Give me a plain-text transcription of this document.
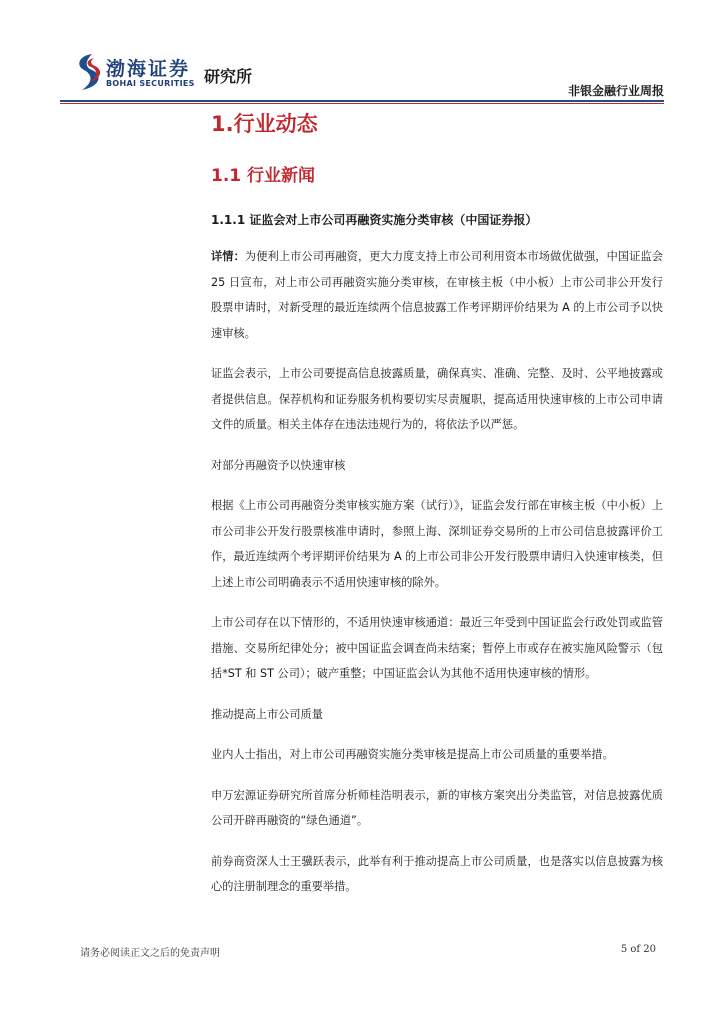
渤海证券
BOHAI SECURITIES 研究所
非银金融行业周报
1.行业动态
1.1 行业新闻
1.1.1 证监会对上市公司再融资实施分类审核（中国证券报）
详情：为便利上市公司再融资，更大力度支持上市公司利用资本市场做优做强，中国证监会 25 日宣布，对上市公司再融资实施分类审核，在审核主板（中小板）上市公司非公开发行股票申请时，对新受理的最近连续两个信息披露工作考评期评价结果为 A 的上市公司予以快速审核。
证监会表示，上市公司要提高信息披露质量，确保真实、准确、完整、及时、公平地披露或者提供信息。保荐机构和证券服务机构要切实尽责履职，提高适用快速审核的上市公司申请文件的质量。相关主体存在违法违规行为的，将依法予以严惩。
对部分再融资予以快速审核
根据《上市公司再融资分类审核实施方案（试行）》，证监会发行部在审核主板（中小板）上市公司非公开发行股票核准申请时，参照上海、深圳证券交易所的上市公司信息披露评价工作，最近连续两个考评期评价结果为 A 的上市公司非公开发行股票申请归入快速审核类，但上述上市公司明确表示不适用快速审核的除外。
上市公司存在以下情形的，不适用快速审核通道：最近三年受到中国证监会行政处罚或监管措施、交易所纪律处分；被中国证监会调查尚未结案；暂停上市或存在被实施风险警示（包括*ST 和 ST 公司）；破产重整；中国证监会认为其他不适用快速审核的情形。
推动提高上市公司质量
业内人士指出，对上市公司再融资实施分类审核是提高上市公司质量的重要举措。
申万宏源证券研究所首席分析师桂浩明表示，新的审核方案突出分类监管，对信息披露优质公司开辟再融资的“绿色通道”。
前券商资深人士王骥跃表示，此举有利于推动提高上市公司质量，也是落实以信息披露为核心的注册制理念的重要举措。
请务必阅读正文之后的免责声明	5 of 20
